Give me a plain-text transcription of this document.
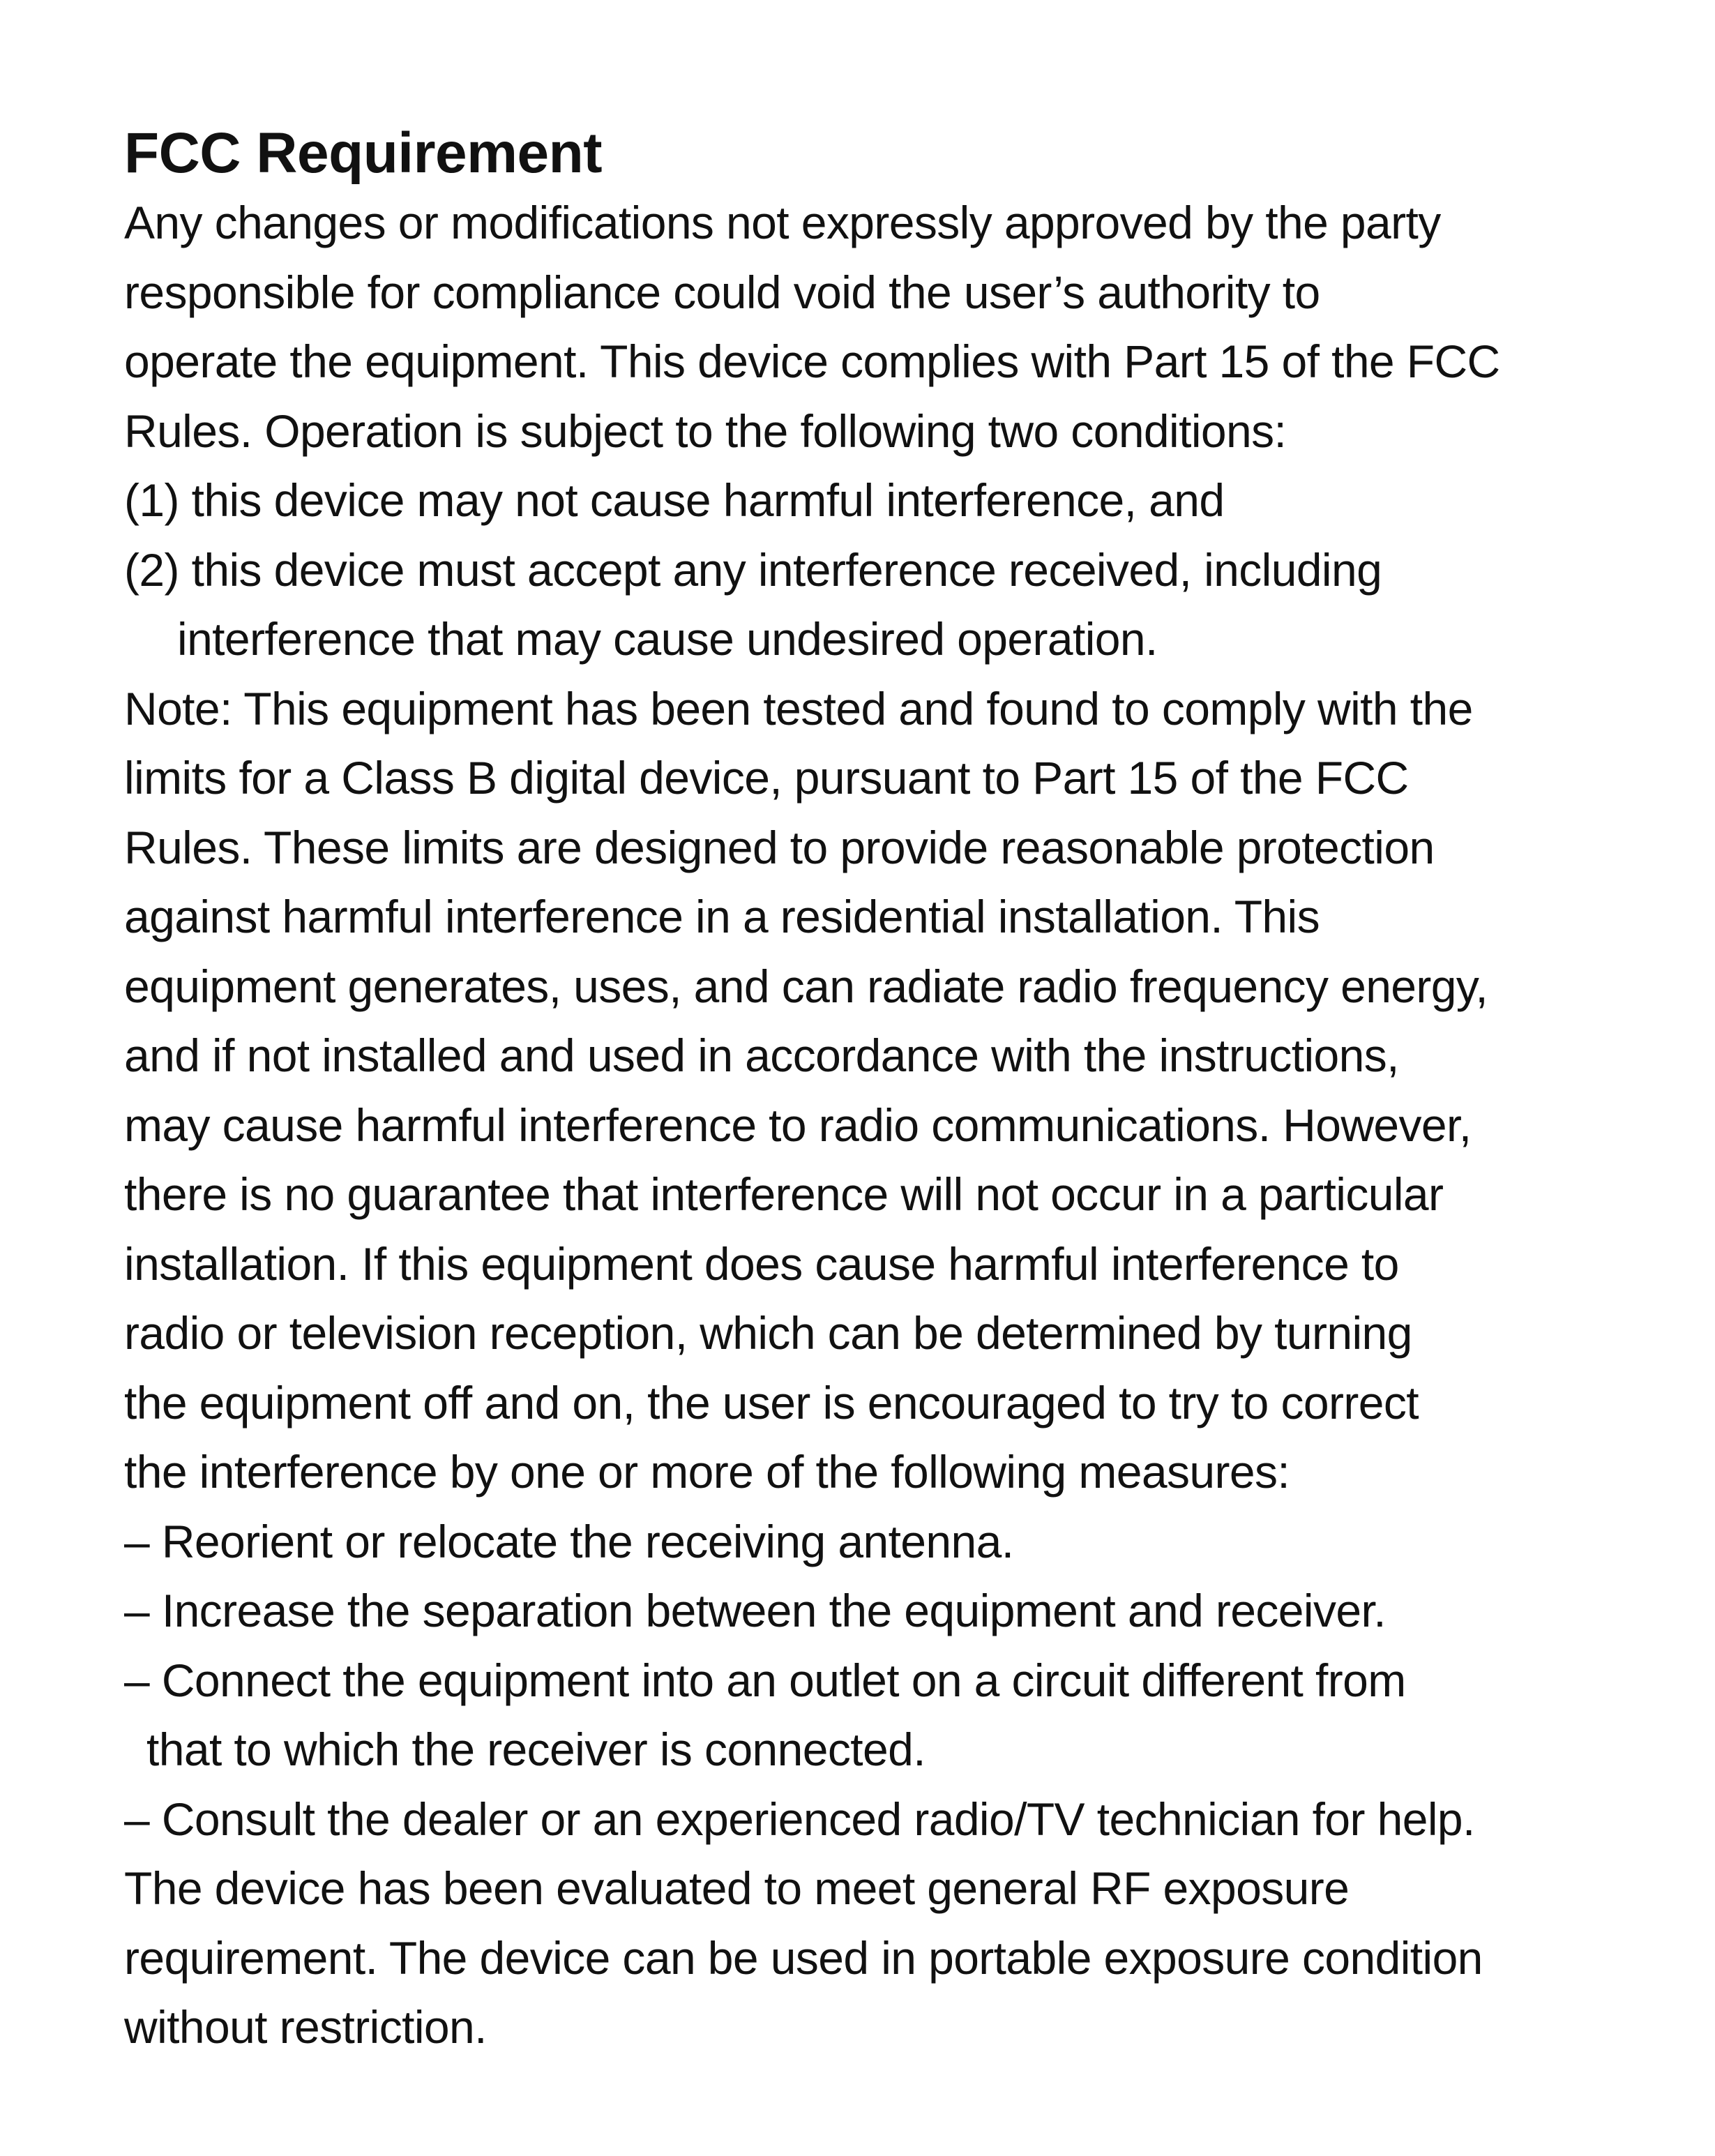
FCC Requirement
Any changes or modifications not expressly approved by the party
responsible for compliance could void the user’s authority to
operate the equipment. This device complies with Part 15 of the FCC
Rules. Operation is subject to the following two conditions:
(1) this device may not cause harmful interference, and
(2) this device must accept any interference received, including
interference that may cause undesired operation.
Note: This equipment has been tested and found to comply with the
limits for a Class B digital device, pursuant to Part 15 of the FCC
Rules. These limits are designed to provide reasonable protection
against harmful interference in a residential installation. This
equipment generates, uses, and can radiate radio frequency energy,
and if not installed and used in accordance with the instructions,
may cause harmful interference to radio communications. However,
there is no guarantee that interference will not occur in a particular
installation. If this equipment does cause harmful interference to
radio or television reception, which can be determined by turning
the equipment off and on, the user is encouraged to try to correct
the interference by one or more of the following measures:
– Reorient or relocate the receiving antenna.
– Increase the separation between the equipment and receiver.
– Connect the equipment into an outlet on a circuit different from
that to which the receiver is connected.
– Consult the dealer or an experienced radio/TV technician for help.
The device has been evaluated to meet general RF exposure
requirement. The device can be used in portable exposure condition
without restriction.
